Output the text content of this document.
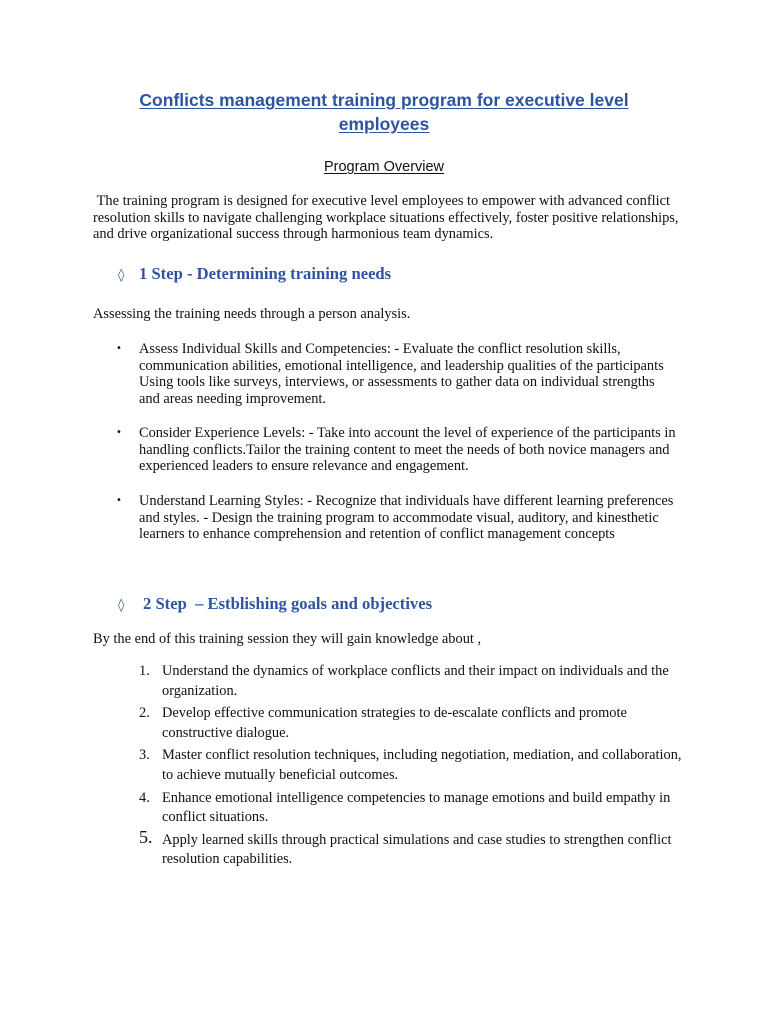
Conflicts management training program for executive level employees
Program Overview
The training program is designed for executive level employees to empower with advanced conflict resolution skills to navigate challenging workplace situations effectively, foster positive relationships, and drive organizational success through harmonious team dynamics.
◊ 1 Step - Determining training needs
Assessing the training needs through a person analysis.
• Assess Individual Skills and Competencies: - Evaluate the conflict resolution skills, communication abilities, emotional intelligence, and leadership qualities of the participants Using tools like surveys, interviews, or assessments to gather data on individual strengths and areas needing improvement.
• Consider Experience Levels: - Take into account the level of experience of the participants in handling conflicts.Tailor the training content to meet the needs of both novice managers and experienced leaders to ensure relevance and engagement.
• Understand Learning Styles: - Recognize that individuals have different learning preferences and styles. - Design the training program to accommodate visual, auditory, and kinesthetic learners to enhance comprehension and retention of conflict management concepts
◊ 2 Step  – Estblishing goals and objectives
By the end of this training session they will gain knowledge about ,
1. Understand the dynamics of workplace conflicts and their impact on individuals and the organization.
2. Develop effective communication strategies to de-escalate conflicts and promote constructive dialogue.
3. Master conflict resolution techniques, including negotiation, mediation, and collaboration, to achieve mutually beneficial outcomes.
4. Enhance emotional intelligence competencies to manage emotions and build empathy in conflict situations.
5. Apply learned skills through practical simulations and case studies to strengthen conflict resolution capabilities.
